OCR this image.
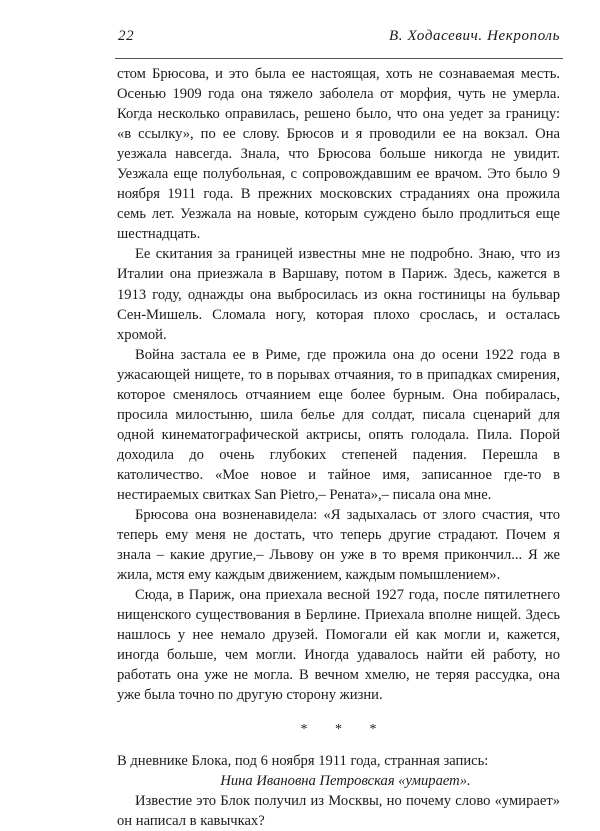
22	В. Ходасевич. Некрополь

стом Брюсова, и это была ее настоящая, хоть не сознаваемая месть. Осенью 1909 года она тяжело заболела от морфия, чуть не умерла. Когда несколько оправилась, решено было, что она уедет за границу: «в ссылку», по ее слову. Брюсов и я проводили ее на вокзал. Она уезжала навсегда. Знала, что Брюсова больше никогда не увидит. Уезжала еще полубольная, с сопровождавшим ее врачом. Это было 9 ноября 1911 года. В прежних московских страданиях она прожила семь лет. Уезжала на новые, которым суждено было продлиться еще шестнадцать.

Ее скитания за границей известны мне не подробно. Знаю, что из Италии она приезжала в Варшаву, потом в Париж. Здесь, кажется в 1913 году, однажды она выбросилась из окна гостиницы на бульвар Сен-Мишель. Сломала ногу, которая плохо срослась, и осталась хромой.

Война застала ее в Риме, где прожила она до осени 1922 года в ужасающей нищете, то в порывах отчаяния, то в припадках смирения, которое сменялось отчаянием еще более бурным. Она побиралась, просила милостыню, шила белье для солдат, писала сценарий для одной кинематографической актрисы, опять голодала. Пила. Порой доходила до очень глубоких степеней падения. Перешла в католичество. «Мое новое и тайное имя, записанное где-то в нестираемых свитках San Pietro,– Рената»,– писала она мне.

Брюсова она возненавидела: «Я задыхалась от злого счастия, что теперь ему меня не достать, что теперь другие страдают. Почем я знала – какие другие,– Львову он уже в то время прикончил... Я же жила, мстя ему каждым движением, каждым помышлением».

Сюда, в Париж, она приехала весной 1927 года, после пятилетнего нищенского существования в Берлине. Приехала вполне нищей. Здесь нашлось у нее немало друзей. Помогали ей как могли и, кажется, иногда больше, чем могли. Иногда удавалось найти ей работу, но работать она уже не могла. В вечном хмелю, не теряя рассудка, она уже была точно по другую сторону жизни.

* * *

В дневнике Блока, под 6 ноября 1911 года, странная запись:

Нина Ивановна Петровская «умирает».

Известие это Блок получил из Москвы, но почему слово «умирает» он написал в кавычках?
